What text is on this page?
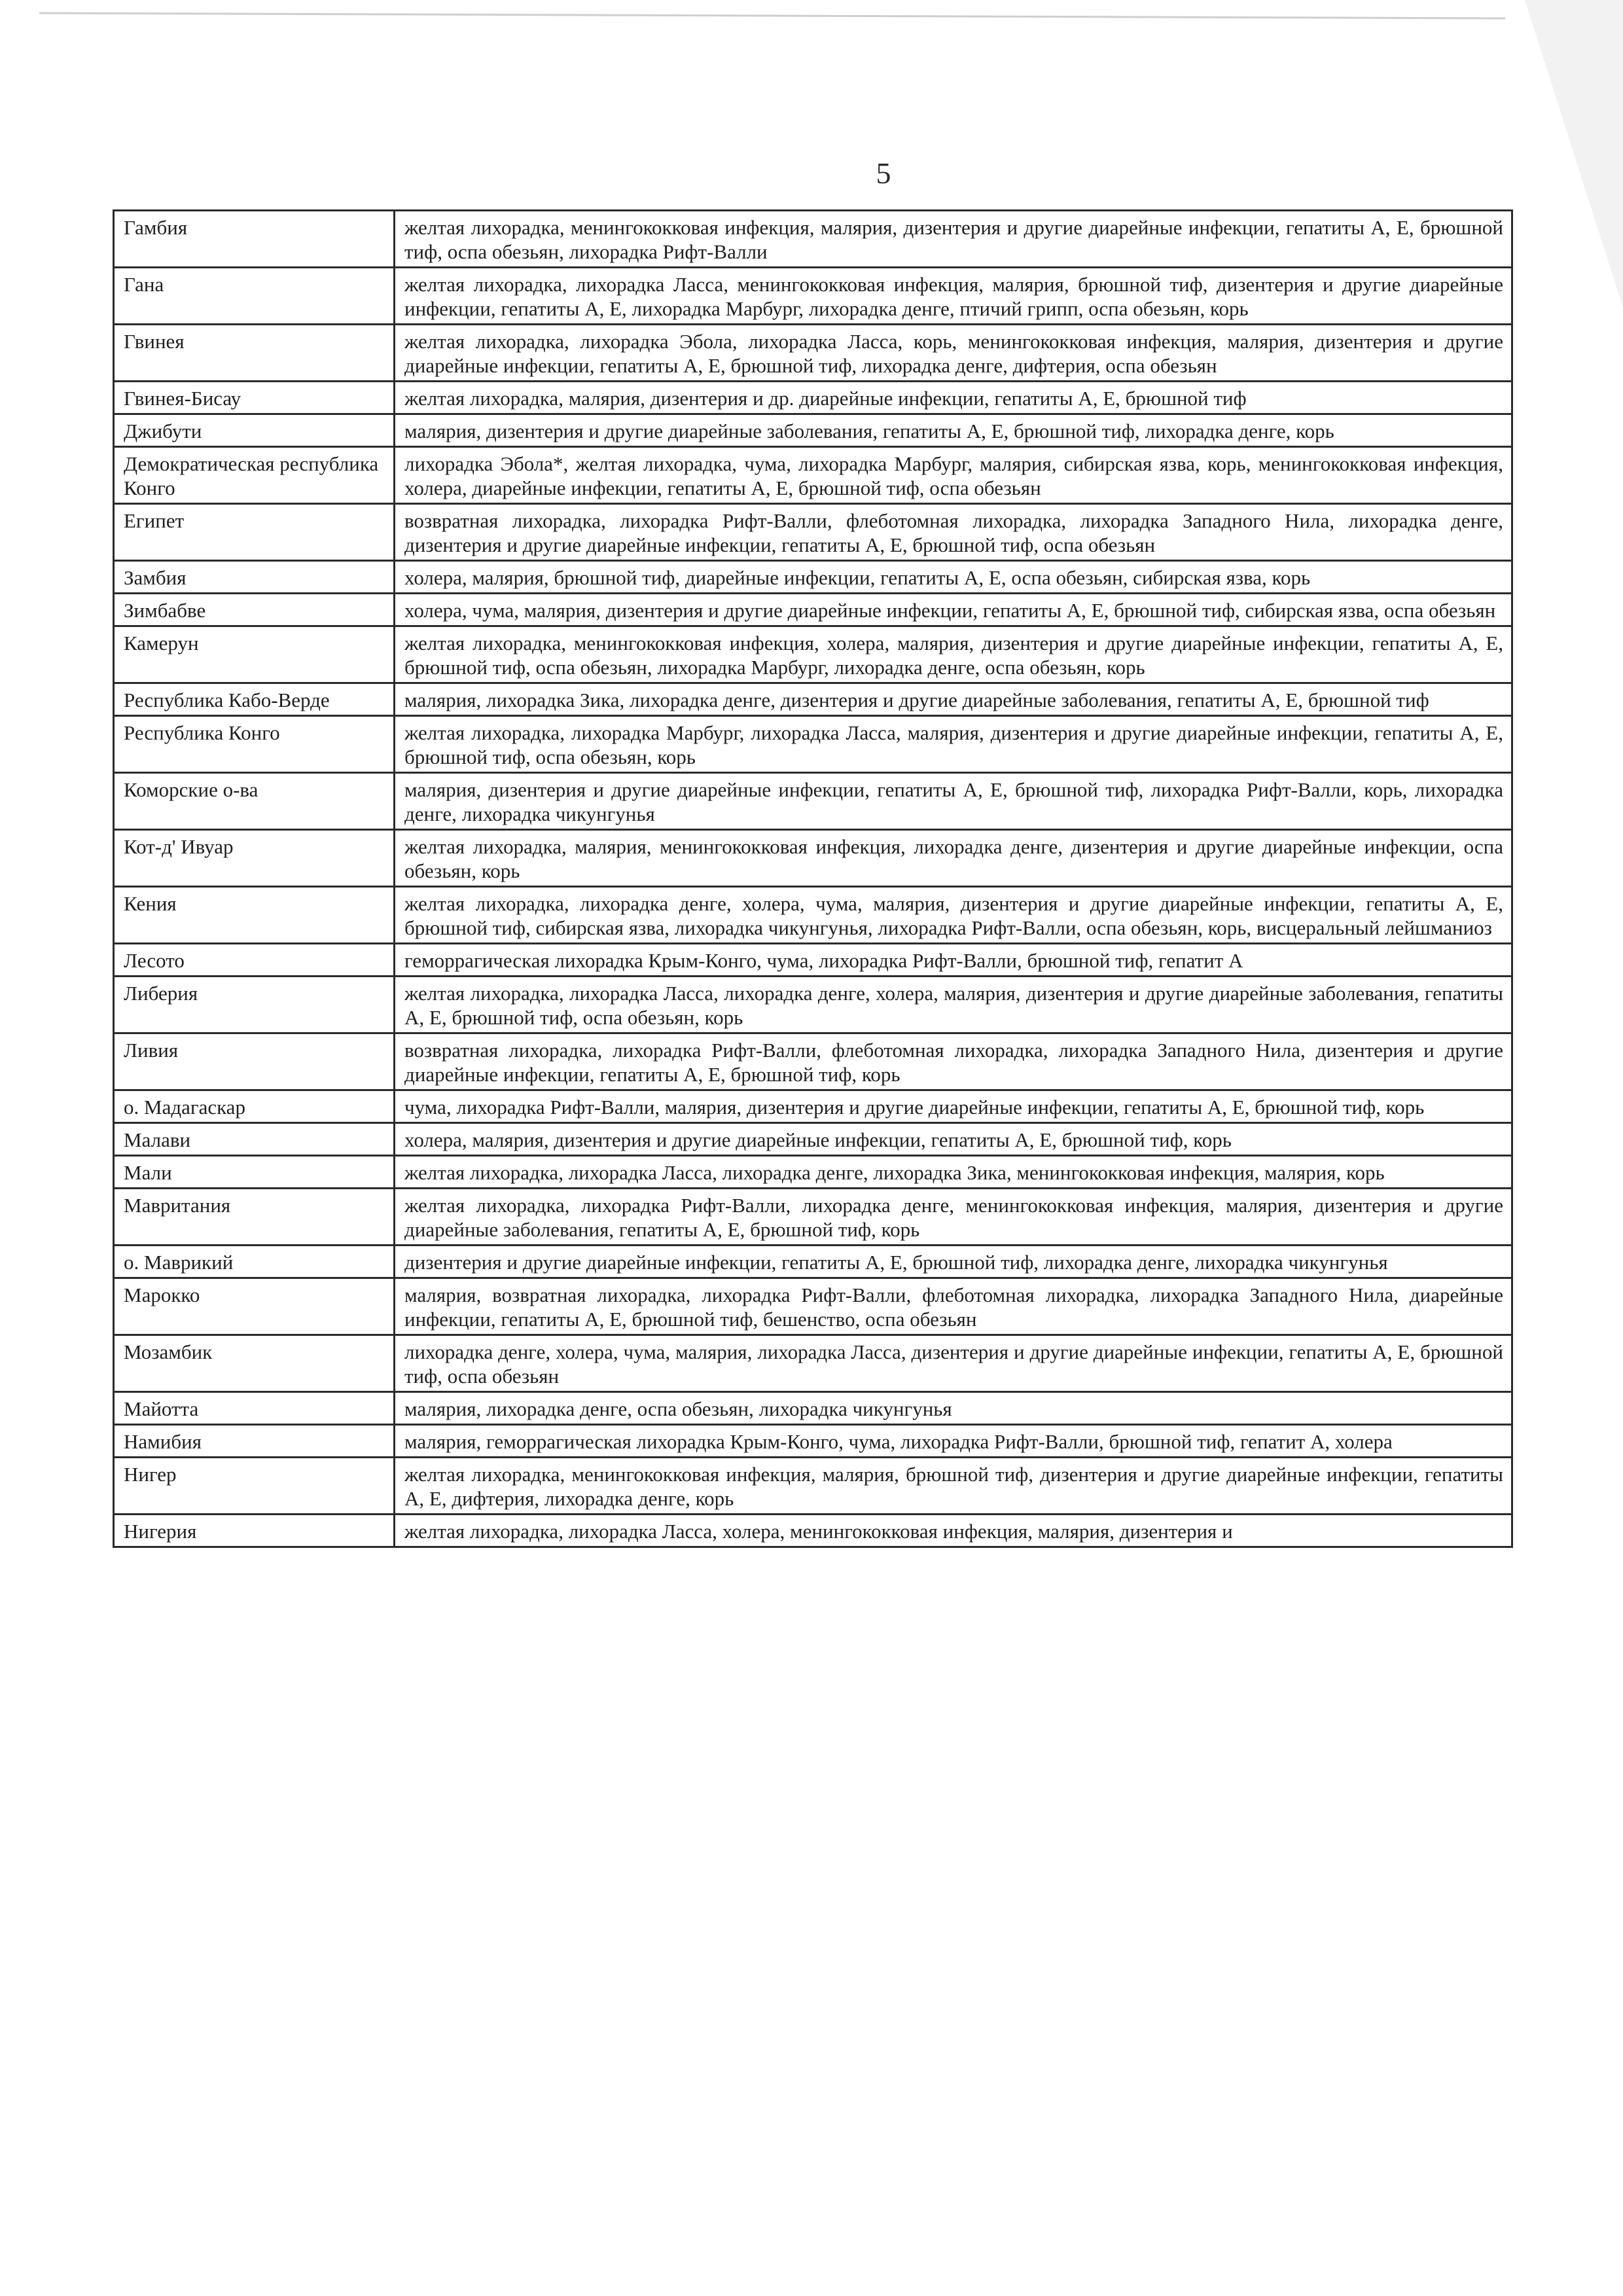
5
Гамбия	желтая лихорадка, менингококковая инфекция, малярия, дизентерия и другие диарейные инфекции, гепатиты А, Е, брюшной тиф, оспа обезьян, лихорадка Рифт-Валли
Гана	желтая лихорадка, лихорадка Ласса, менингококковая инфекция, малярия, брюшной тиф, дизентерия и другие диарейные инфекции, гепатиты А, Е, лихорадка Марбург, лихорадка денге, птичий грипп, оспа обезьян, корь
Гвинея	желтая лихорадка, лихорадка Эбола, лихорадка Ласса, корь, менингококковая инфекция, малярия, дизентерия и другие диарейные инфекции, гепатиты А, Е, брюшной тиф, лихорадка денге, дифтерия, оспа обезьян
Гвинея-Бисау	желтая лихорадка, малярия, дизентерия и др. диарейные инфекции, гепатиты А, Е, брюшной тиф
Джибути	малярия, дизентерия и другие диарейные заболевания, гепатиты А, Е, брюшной тиф, лихорадка денге, корь
Демократическая республика Конго	лихорадка Эбола*, желтая лихорадка, чума, лихорадка Марбург, малярия, сибирская язва, корь, менингококковая инфекция, холера, диарейные инфекции, гепатиты А, Е, брюшной тиф, оспа обезьян
Египет	возвратная лихорадка, лихорадка Рифт-Валли, флеботомная лихорадка, лихорадка Западного Нила, лихорадка денге, дизентерия и другие диарейные инфекции, гепатиты А, Е, брюшной тиф, оспа обезьян
Замбия	холера, малярия, брюшной тиф, диарейные инфекции, гепатиты А, Е, оспа обезьян, сибирская язва, корь
Зимбабве	холера, чума, малярия, дизентерия и другие диарейные инфекции, гепатиты А, Е, брюшной тиф, сибирская язва, оспа обезьян
Камерун	желтая лихорадка, менингококковая инфекция, холера, малярия, дизентерия и другие диарейные инфекции, гепатиты А, Е, брюшной тиф, оспа обезьян, лихорадка Марбург, лихорадка денге, оспа обезьян, корь
Республика Кабо-Верде	малярия, лихорадка Зика, лихорадка денге, дизентерия и другие диарейные заболевания, гепатиты А, Е, брюшной тиф
Республика Конго	желтая лихорадка, лихорадка Марбург, лихорадка Ласса, малярия, дизентерия и другие диарейные инфекции, гепатиты А, Е, брюшной тиф, оспа обезьян, корь
Коморские о-ва	малярия, дизентерия и другие диарейные инфекции, гепатиты А, Е, брюшной тиф, лихорадка Рифт-Валли, корь, лихорадка денге, лихорадка чикунгунья
Кот-д' Ивуар	желтая лихорадка, малярия, менингококковая инфекция, лихорадка денге, дизентерия и другие диарейные инфекции, оспа обезьян, корь
Кения	желтая лихорадка, лихорадка денге, холера, чума, малярия, дизентерия и другие диарейные инфекции, гепатиты А, Е, брюшной тиф, сибирская язва, лихорадка чикунгунья, лихорадка Рифт-Валли, оспа обезьян, корь, висцеральный лейшманиоз
Лесото	геморрагическая лихорадка Крым-Конго, чума, лихорадка Рифт-Валли, брюшной тиф, гепатит А
Либерия	желтая лихорадка, лихорадка Ласса, лихорадка денге, холера, малярия, дизентерия и другие диарейные заболевания, гепатиты А, Е, брюшной тиф, оспа обезьян, корь
Ливия	возвратная лихорадка, лихорадка Рифт-Валли, флеботомная лихорадка, лихорадка Западного Нила, дизентерия и другие диарейные инфекции, гепатиты А, Е, брюшной тиф, корь
о. Мадагаскар	чума, лихорадка Рифт-Валли, малярия, дизентерия и другие диарейные инфекции, гепатиты А, Е, брюшной тиф, корь
Малави	холера, малярия, дизентерия и другие диарейные инфекции, гепатиты А, Е, брюшной тиф, корь
Мали	желтая лихорадка, лихорадка Ласса, лихорадка денге, лихорадка Зика, менингококковая инфекция, малярия, корь
Мавритания	желтая лихорадка, лихорадка Рифт-Валли, лихорадка денге, менингококковая инфекция, малярия, дизентерия и другие диарейные заболевания, гепатиты А, Е, брюшной тиф, корь
о. Маврикий	дизентерия и другие диарейные инфекции, гепатиты А, Е, брюшной тиф, лихорадка денге, лихорадка чикунгунья
Марокко	малярия, возвратная лихорадка, лихорадка Рифт-Валли, флеботомная лихорадка, лихорадка Западного Нила, диарейные инфекции, гепатиты А, Е, брюшной тиф, бешенство, оспа обезьян
Мозамбик	лихорадка денге, холера, чума, малярия, лихорадка Ласса, дизентерия и другие диарейные инфекции, гепатиты А, Е, брюшной тиф, оспа обезьян
Майотта	малярия, лихорадка денге, оспа обезьян, лихорадка чикунгунья
Намибия	малярия, геморрагическая лихорадка Крым-Конго, чума, лихорадка Рифт-Валли, брюшной тиф, гепатит А, холера
Нигер	желтая лихорадка, менингококковая инфекция, малярия, брюшной тиф, дизентерия и другие диарейные инфекции, гепатиты А, Е, дифтерия, лихорадка денге, корь
Нигерия	желтая лихорадка, лихорадка Ласса, холера, менингококковая инфекция, малярия, дизентерия и
